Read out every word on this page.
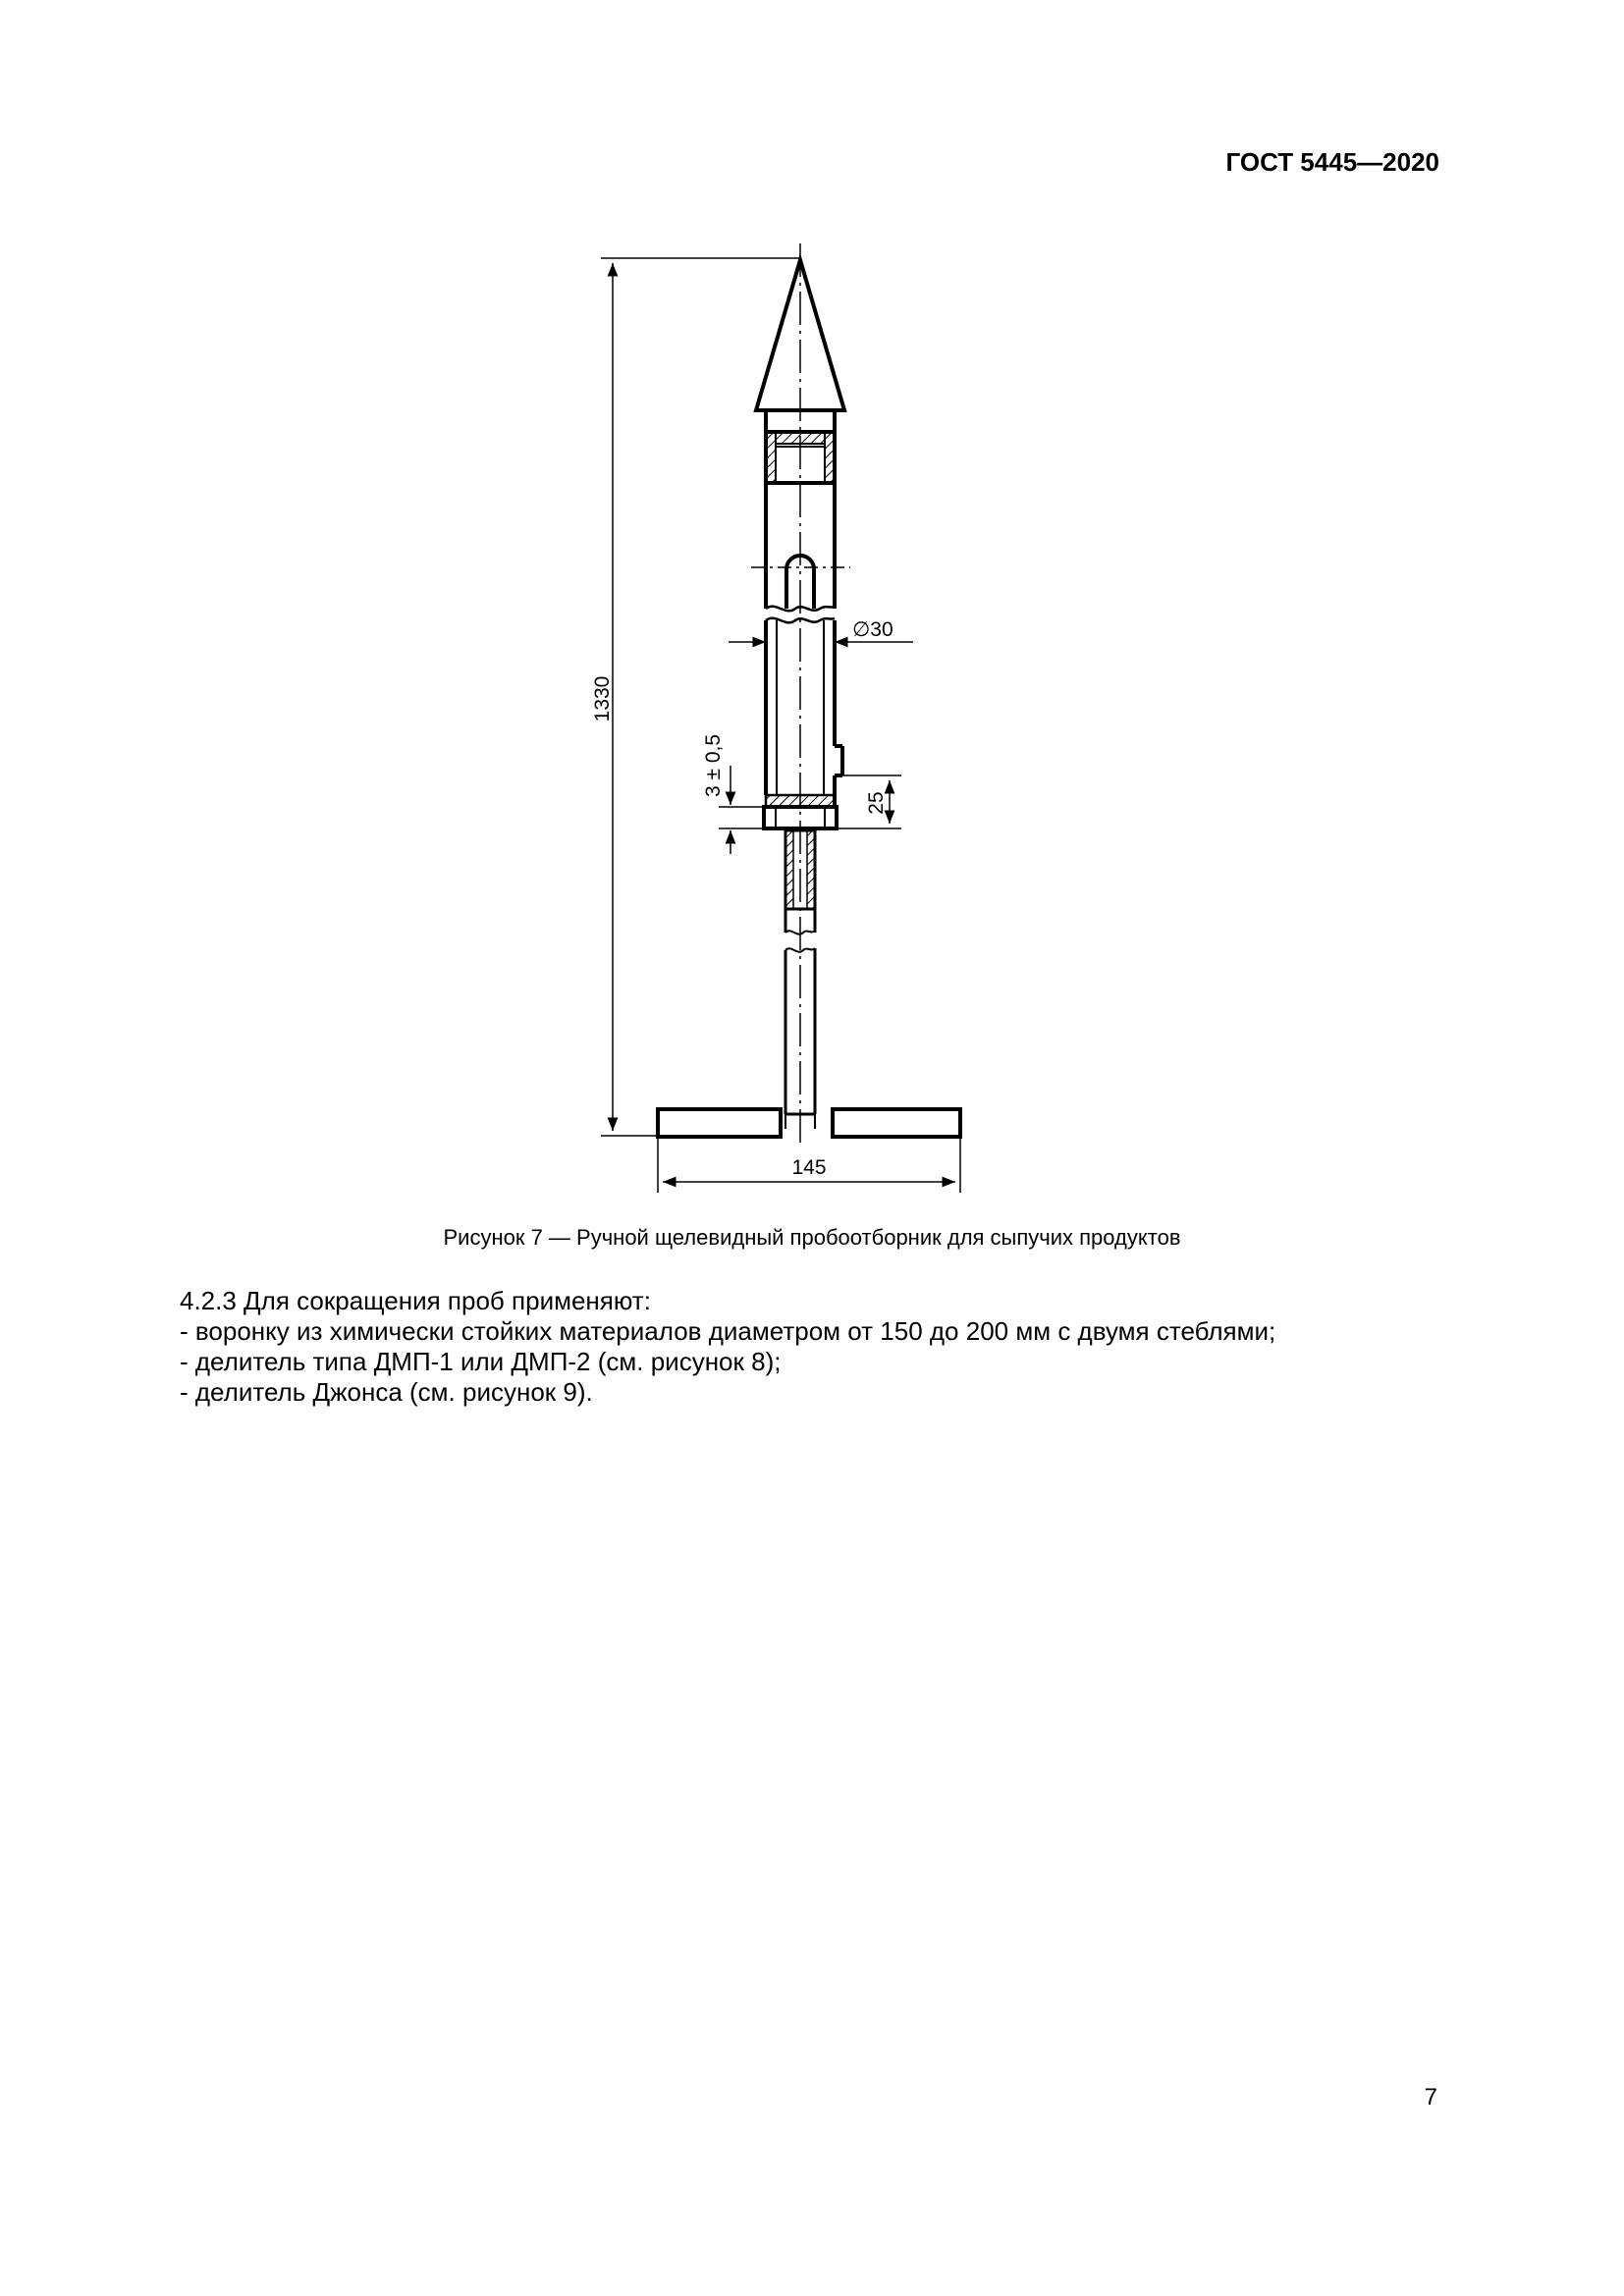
ГОСТ 5445—2020
1330
∅30
3 ± 0,5
25
145
Рисунок 7 — Ручной щелевидный пробоотборник для сыпучих продуктов

4.2.3 Для сокращения проб применяют:

- воронку из химически стойких материалов диаметром от 150 до 200 мм с двумя стеблями;

- делитель типа ДМП-1 или ДМП-2 (см. рисунок 8);

- делитель Джонса (см. рисунок 9).

7
